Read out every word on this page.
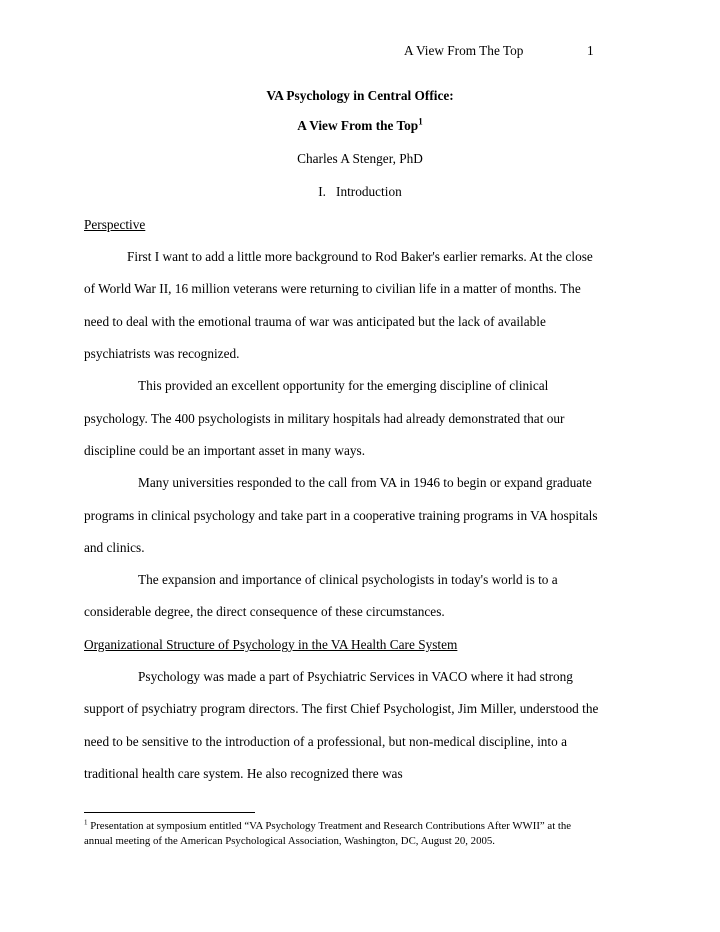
A View From The Top	1
VA Psychology in Central Office:
A View From the Top$^1$
Charles A Stenger, PhD
I. Introduction
Perspective
First I want to add a little more background to Rod Baker's earlier remarks. At the close
of World War II, 16 million veterans were returning to civilian life in a matter of months. The
need to deal with the emotional trauma of war was anticipated but the lack of available
psychiatrists was recognized.
This provided an excellent opportunity for the emerging discipline of clinical
psychology. The 400 psychologists in military hospitals had already demonstrated that our
discipline could be an important asset in many ways.
Many universities responded to the call from VA in 1946 to begin or expand graduate
programs in clinical psychology and take part in a cooperative training programs in VA hospitals
and clinics.
The expansion and importance of clinical psychologists in today's world is to a
considerable degree, the direct consequence of these circumstances.
Organizational Structure of Psychology in the VA Health Care System
Psychology was made a part of Psychiatric Services in VACO where it had strong
support of psychiatry program directors. The first Chief Psychologist, Jim Miller, understood the
need to be sensitive to the introduction of a professional, but non-medical discipline, into a
traditional health care system. He also recognized there was
$^1$ Presentation at symposium entitled “VA Psychology Treatment and Research Contributions After WWII” at the
annual meeting of the American Psychological Association, Washington, DC, August 20, 2005.
